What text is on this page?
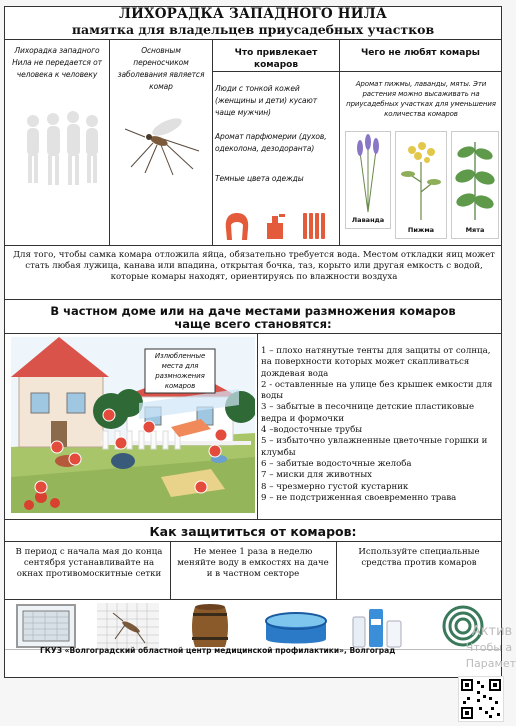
ЛИХОРАДКА ЗАПАДНОГО НИЛА
памятка для владельцев приусадебных участков
Лихорадка западного Нила не передается от человека к человеку
Основным переносчиком заболевания является комар
Что привлекает комаров
Чего не любят комары
Люди с тонкой кожей (женщины и дети) кусают чаще мужчин)
Аромат парфюмерии (духов, одеколона, дезодоранта)
Темные цвета одежды
Аромат пижмы, лаванды, мяты. Эти растения можно высаживать на приусадебных участках для уменьшения количества комаров
Лаванда
Пижма	Мята
Для того, чтобы самка комара отложила яйца, обязательно требуется вода. Местом откладки яиц может стать любая лужица, канава или впадина, открытая бочка, таз, корыто или другая емкость с водой, которые комары находят, ориентируясь по влажности воздуха
В частном доме или на даче местами размножения комаров
чаще всего становятся:
Излюбленные места для размножения комаров
1 – плохо натянутые тенты для защиты от солнца, на поверхности которых может скапливаться дождевая вода
2 - оставленные на улице без крышек емкости для воды
3 – забытые в песочнице детские пластиковые ведра и формочки
4 –водосточные трубы
5 – избыточно увлажненные цветочные горшки и клумбы
6 – забитые водосточные желоба
7 – миски для животных
8 – чрезмерно густой кустарник
9 – не подстриженная своевременно трава
Как защититься от комаров:
В период с начала мая до конца сентября устанавливайте на окнах противомоскитные сетки
Не менее 1 раза в неделю меняйте воду в емкостях на даче и в частном секторе
Используйте специальные средства против комаров
ГКУЗ «Волгоградский областной центр медицинской профилактики», Волгоград
Актив
Чтобы а
Парамет
